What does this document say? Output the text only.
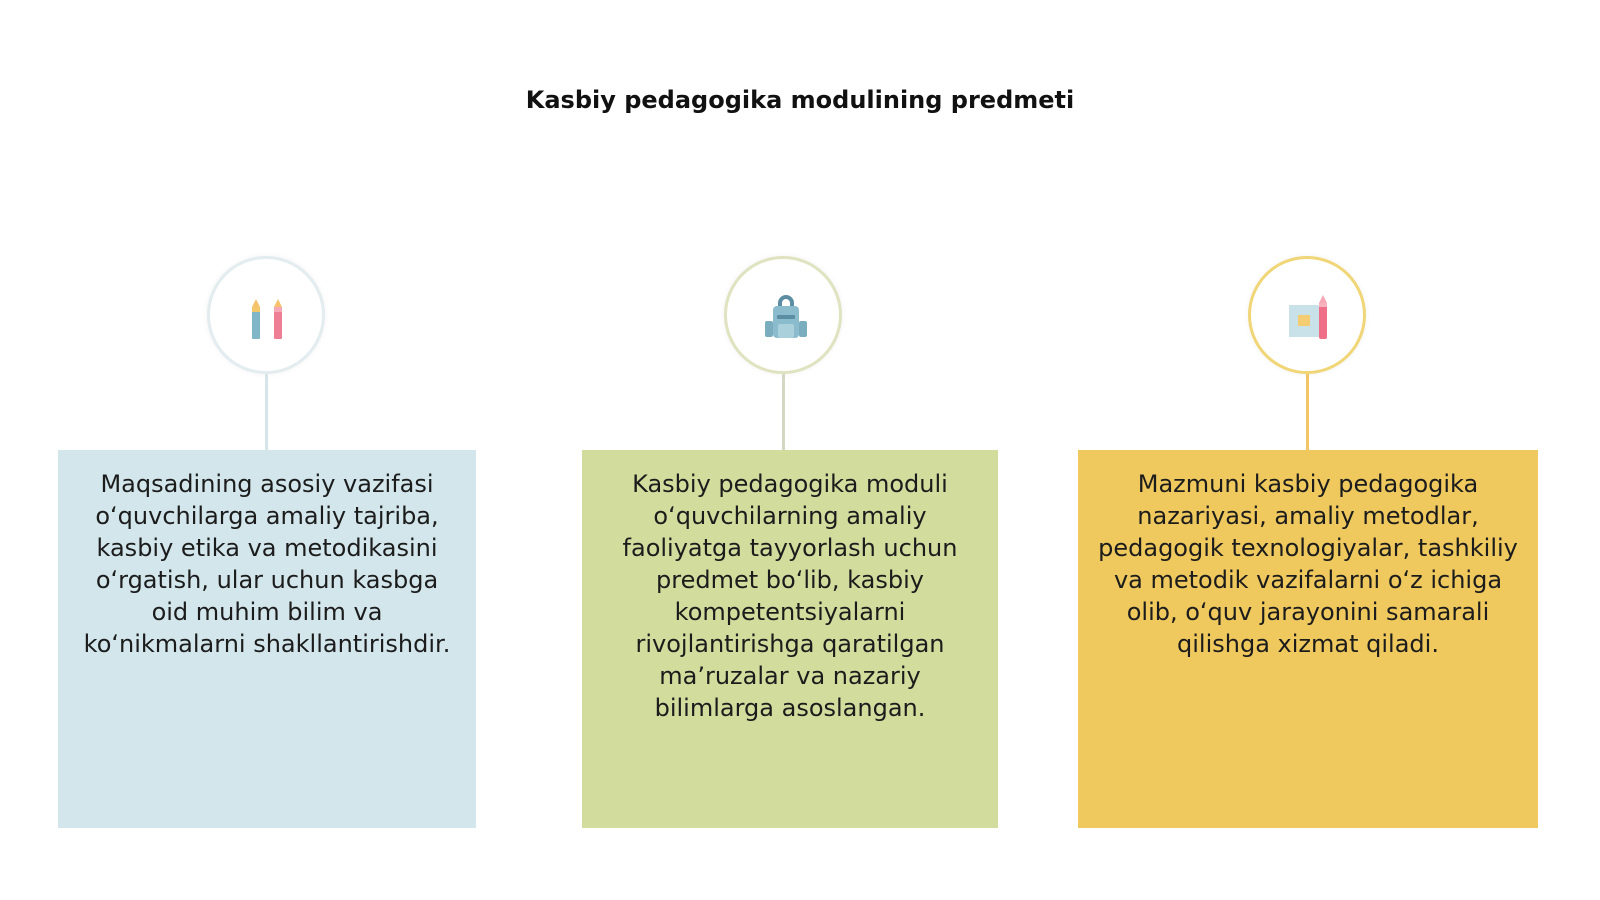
Kasbiy pedagogika modulining predmeti
Maqsadining asosiy vazifasi oʻquvchilarga amaliy tajriba, kasbiy etika va metodikasini oʻrgatish, ular uchun kasbga oid muhim bilim va koʻnikmalarni shakllantirishdir.
Kasbiy pedagogika moduli oʻquvchilarning amaliy faoliyatga tayyorlash uchun predmet boʻlib, kasbiy kompetentsiyalarni rivojlantirishga qaratilgan maʼruzalar va nazariy bilimlarga asoslangan.
Mazmuni kasbiy pedagogika nazariyasi, amaliy metodlar, pedagogik texnologiyalar, tashkiliy va metodik vazifalarni oʻz ichiga olib, oʻquv jarayonini samarali qilishga xizmat qiladi.
